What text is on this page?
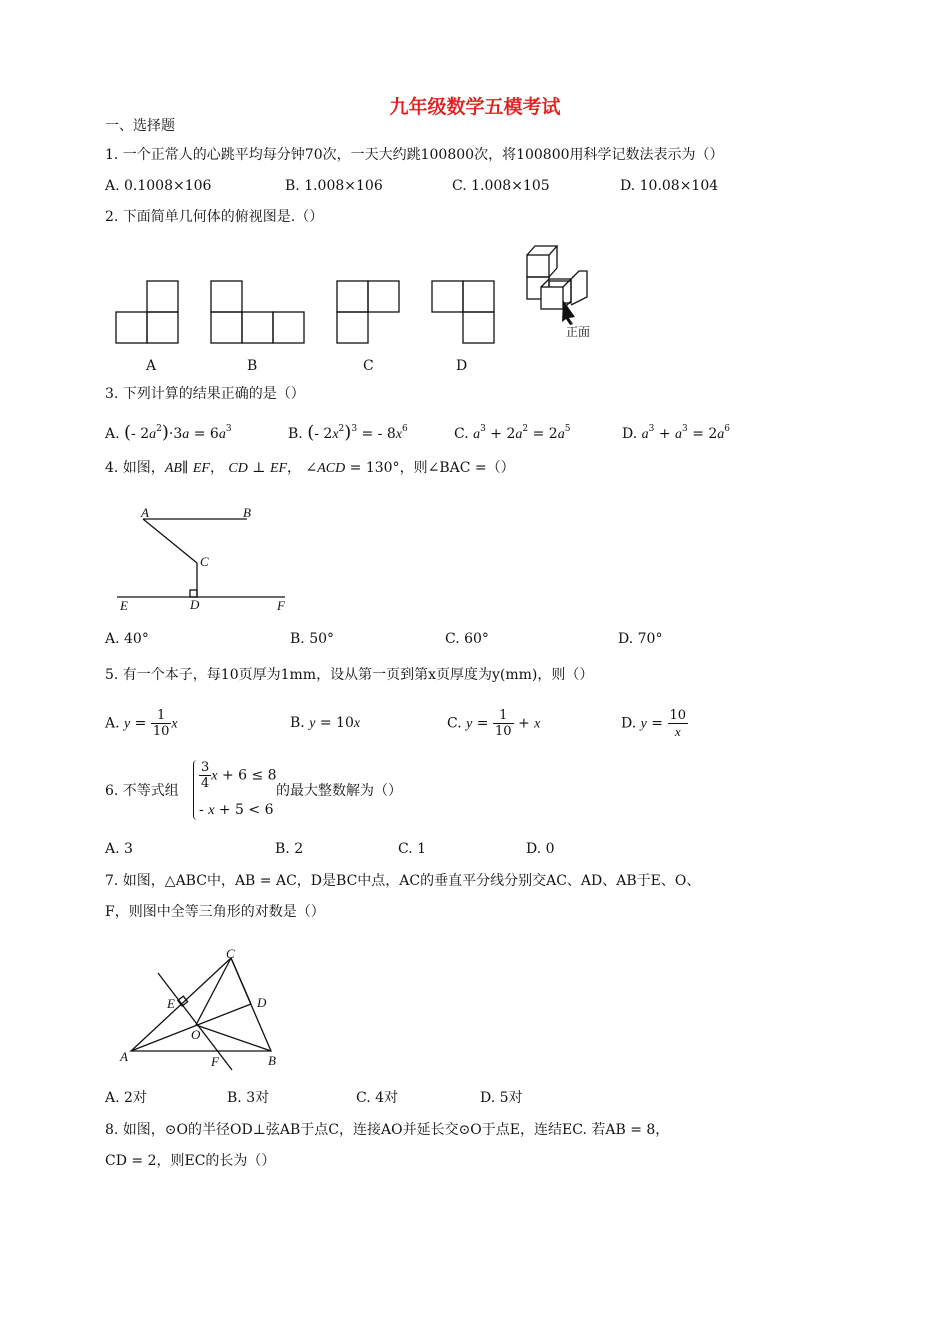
九年级数学五模考试
一、选择题
1. 一个正常人的心跳平均每分钟70次，一天大约跳100800次，将100800用科学记数法表示为（）
A. 0.1008×106	B. 1.008×106	C. 1.008×105	D. 10.08×104
2. 下面简单几何体的俯视图是.（）
A	B	C	D
正面
3. 下列计算的结果正确的是（）
A. (- $2a^2)\cdot 3a = 6a^3$	B. (- $2x^2)^3$ = - $8x^6$	C. $a^3 + 2a^2 = 2a^5$	D. $a^3 + a^3 = 2a^6$
4. 如图，AB∥ EF， CD ⊥ EF， ∠ACD = 130°，则∠BAC =（）
A	B
C
D
E	F
A. 40°	B. 50°	C. 60°	D. 70°
5. 有一个本子，每10页厚为1mm，设从第一页到第x页厚度为y(mm)，则（）
A. $y = \frac{1}{10}$ x	B. y = 10x	C. $y = \frac{1}{10} + x$	D. $y = \frac{10}{x}$
6. 不等式组 $\frac{3}{4}$ x + 6 ≤ 8
- x + 5 < 6
的最大整数解为（）
A. 3	B. 2	C. 1	D. 0
7. 如图，△ABC中，AB = AC，D是BC中点，AC的垂直平分线分别交AC、AD、AB于E、O、
F，则图中全等三角形的对数是（）
C
E	D
O
A	F	B
A. 2对	B. 3对	C. 4对	D. 5对
8. 如图，⊙O的半径OD⊥弦AB于点C，连接AO并延长交⊙O于点E，连结EC. 若AB = 8，
CD = 2，则EC的长为（）
